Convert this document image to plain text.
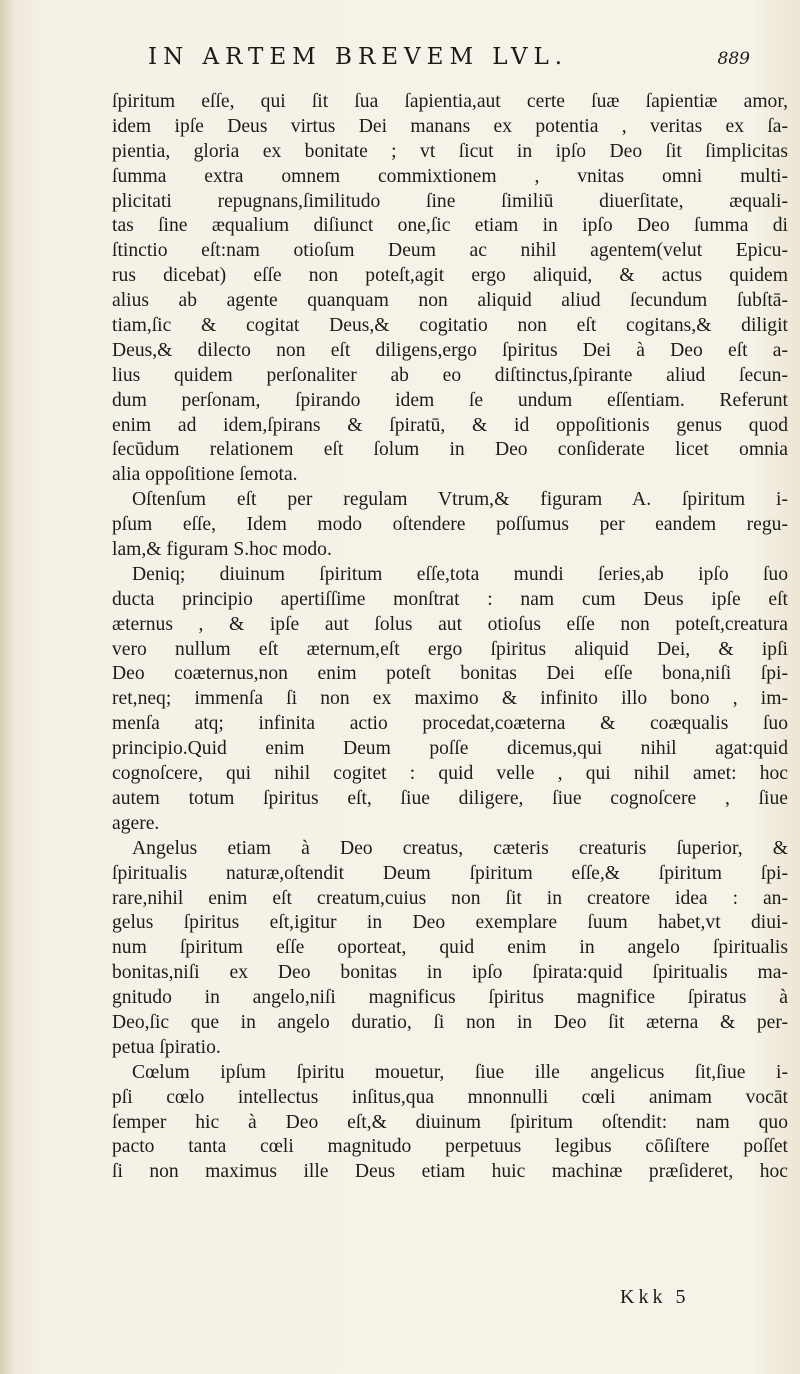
IN ARTEM BREVEM LVL.	889
ſpiritum eſſe, qui ſit ſua ſapientia,aut certe ſuæ ſapientiæ amor,
idem ipſe Deus virtus Dei manans ex potentia , veritas ex ſa-
pientia, gloria ex bonitate ; vt ſicut in ipſo Deo ſit ſimplicitas
ſumma extra omnem commixtionem , vnitas omni multi-
plicitati repugnans,ſimilitudo ſine ſimiliū diuerſitate, æquali-
tas ſine æqualium diſiunct one,ſic etiam in ipſo Deo ſumma di
ſtinctio eſt:nam otioſum Deum ac nihil agentem(velut Epicu-
rus dicebat) eſſe non poteſt,agit ergo aliquid, & actus quidem
alius ab agente quanquam non aliquid aliud ſecundum ſubſtā-
tiam,ſic & cogitat Deus,& cogitatio non eſt cogitans,& diligit
Deus,& dilecto non eſt diligens,ergo ſpiritus Dei à Deo eſt a-
lius quidem perſonaliter ab eo diſtinctus,ſpirante aliud ſecun-
dum perſonam, ſpirando idem ſe undum eſſentiam. Referunt
enim ad idem,ſpirans & ſpiratū, & id oppoſitionis genus quod
ſecūdum relationem eſt ſolum in Deo conſiderate licet omnia
alia oppoſitione ſemota.
Oſtenſum eſt per regulam Vtrum,& figuram A. ſpiritum i-
pſum eſſe, Idem modo oſtendere poſſumus per eandem regu-
lam,& figuram S.hoc modo.
Deniq; diuinum ſpiritum eſſe,tota mundi ſeries,ab ipſo ſuo
ducta principio apertiſſime monſtrat : nam cum Deus ipſe eſt
æternus , & ipſe aut ſolus aut otioſus eſſe non poteſt,creatura
vero nullum eſt æternum,eſt ergo ſpiritus aliquid Dei, & ipſi
Deo coæternus,non enim poteſt bonitas Dei eſſe bona,niſi ſpi-
ret,neq; immenſa ſi non ex maximo & infinito illo bono , im-
menſa atq; infinita actio procedat,coæterna & coæqualis ſuo
principio.Quid enim Deum poſſe dicemus,qui nihil agat:quid
cognoſcere, qui nihil cogitet : quid velle , qui nihil amet: hoc
autem totum ſpiritus eſt, ſiue diligere, ſiue cognoſcere , ſiue
agere.
Angelus etiam à Deo creatus, cæteris creaturis ſuperior, &
ſpiritualis naturæ,oſtendit Deum ſpiritum eſſe,& ſpiritum ſpi-
rare,nihil enim eſt creatum,cuius non ſit in creatore idea : an-
gelus ſpiritus eſt,igitur in Deo exemplare ſuum habet,vt diui-
num ſpiritum eſſe oporteat, quid enim in angelo ſpiritualis
bonitas,niſi ex Deo bonitas in ipſo ſpirata:quid ſpiritualis ma-
gnitudo in angelo,niſi magnificus ſpiritus magnifice ſpiratus à
Deo,ſic que in angelo duratio, ſi non in Deo ſit æterna & per-
petua ſpiratio.
Cœlum ipſum ſpiritu mouetur, ſiue ille angelicus ſit,ſiue i-
pſi cœlo intellectus inſitus,qua mnonnulli cœli animam vocāt
ſemper hic à Deo eſt,& diuinum ſpiritum oſtendit: nam quo
pacto tanta cœli magnitudo perpetuus legibus cōſiſtere poſſet
ſi non maximus ille Deus etiam huic machinæ præſideret, hoc
Kkk 5
